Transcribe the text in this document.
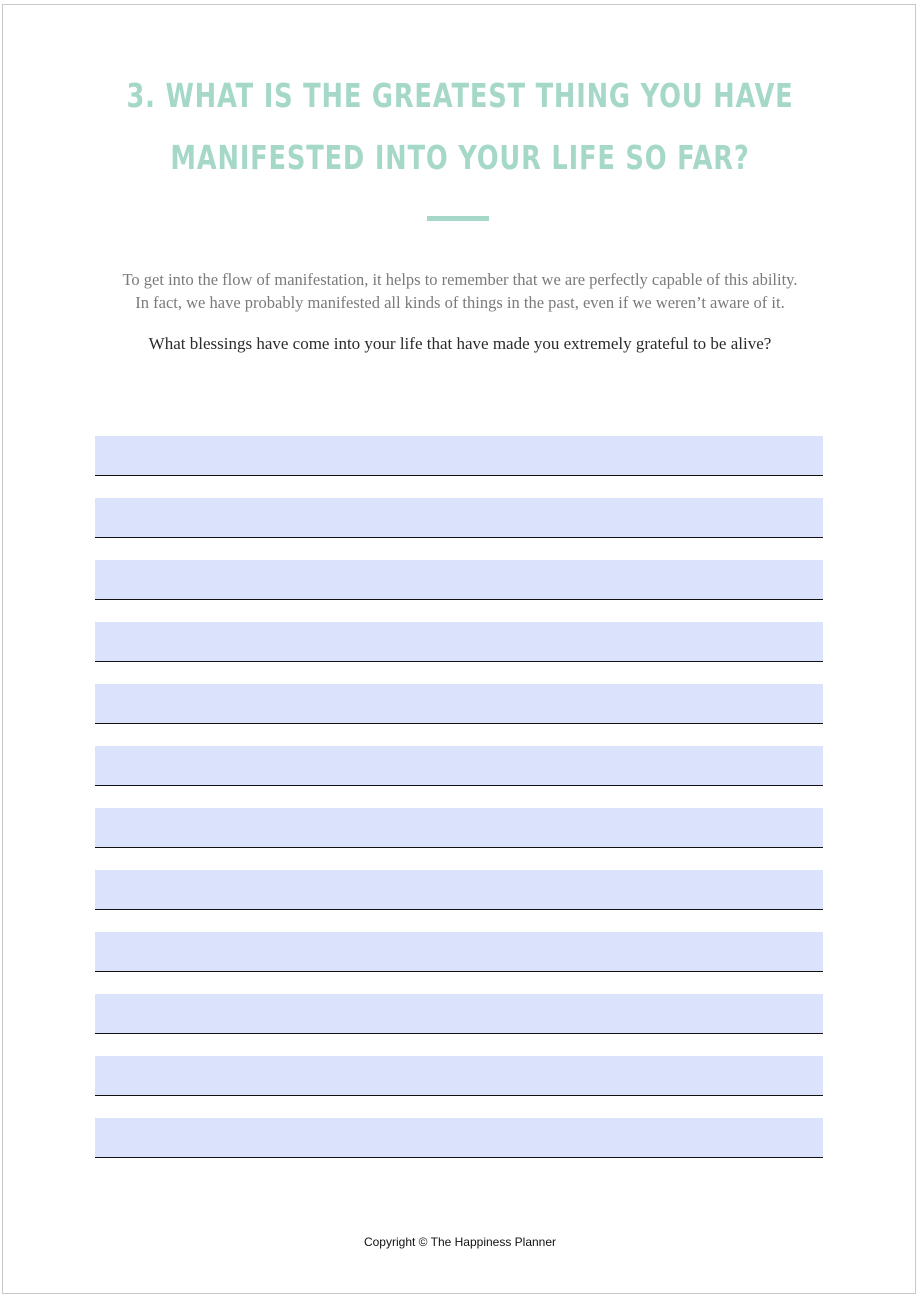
3. WHAT IS THE GREATEST THING YOU HAVE
MANIFESTED INTO YOUR LIFE SO FAR?

To get into the flow of manifestation, it helps to remember that we are perfectly capable of this ability.
In fact, we have probably manifested all kinds of things in the past, even if we weren’t aware of it.

What blessings have come into your life that have made you extremely grateful to be alive?

Copyright © The Happiness Planner
